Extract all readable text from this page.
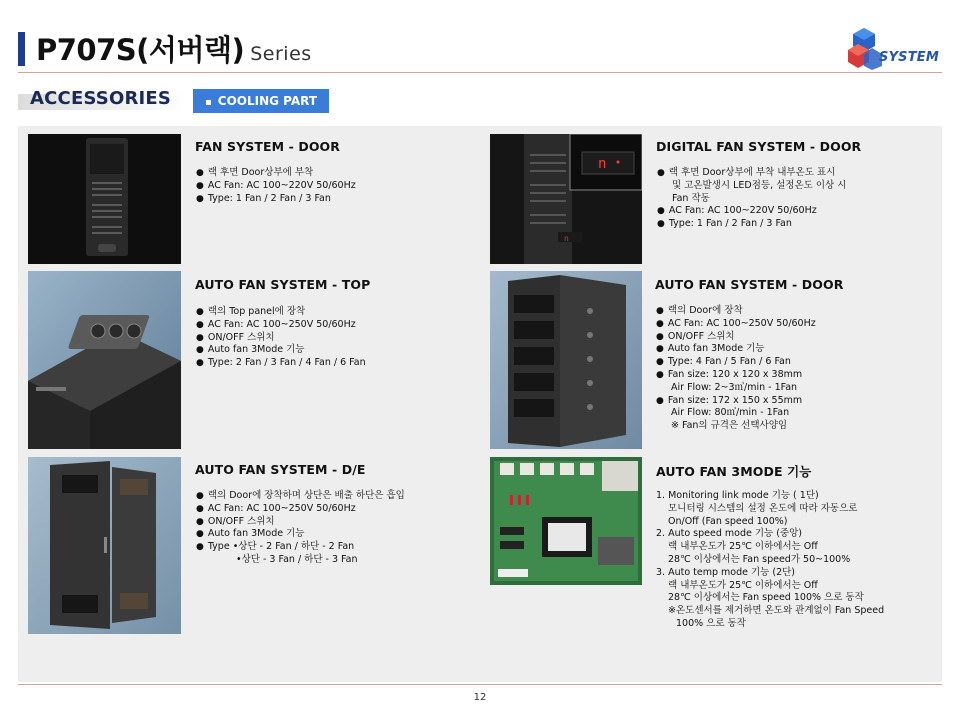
P707S(서버랙) Series	SYSTEM
ACCESSORIES
▪	COOLING PART
FAN SYSTEM - DOOR
● 랙 후면 Door상부에 부착
● AC Fan: AC 100~220V 50/60Hz
● Type: 1 Fan / 2 Fan / 3 Fan
n
n
DIGITAL FAN SYSTEM - DOOR
● 랙 후면 Door상부에 부착 내부온도 표시
및 고온발생시 LED점등, 설정온도 이상 시
Fan 작동
● AC Fan: AC 100~220V 50/60Hz
● Type: 1 Fan / 2 Fan / 3 Fan
AUTO FAN SYSTEM - TOP
● 랙의 Top panel에 장착
● AC Fan: AC 100~250V 50/60Hz
● ON/OFF 스위치
● Auto fan 3Mode 기능
● Type: 2 Fan / 3 Fan / 4 Fan / 6 Fan
AUTO FAN SYSTEM - DOOR
● 랙의 Door에 장착
● AC Fan: AC 100~250V 50/60Hz
● ON/OFF 스위치
● Auto fan 3Mode 기능
● Type: 4 Fan / 5 Fan / 6 Fan
● Fan size: 120 x 120 x 38mm
Air Flow: 2~3㎥/min - 1Fan
● Fan size: 172 x 150 x 55mm
Air Flow: 80㎥/min - 1Fan
※ Fan의 규격은 선택사양임
AUTO FAN SYSTEM - D/E
● 랙의 Door에 장착하며 상단은 배출 하단은 흡입
● AC Fan: AC 100~250V 50/60Hz
● ON/OFF 스위치
● Auto fan 3Mode 기능
● Type •상단 - 2 Fan / 하단 - 2 Fan
•상단 - 3 Fan / 하단 - 3 Fan
AUTO FAN 3MODE 기능
1. Monitoring link mode 기능 ( 1단)
모니터링 시스템의 설정 온도에 따라 자동으로
On/Off (Fan speed 100%)
2. Auto speed mode 기능 (중앙)
랙 내부온도가 25℃ 이하에서는 Off
28℃ 이상에서는 Fan speed가 50~100%
3. Auto temp mode 기능 (2단)
랙 내부온도가 25℃ 이하에서는 Off
28℃ 이상에서는 Fan speed 100% 으로 동작
※온도센서를 제거하면 온도와 관계없이 Fan Speed
100% 으로 동작
12
